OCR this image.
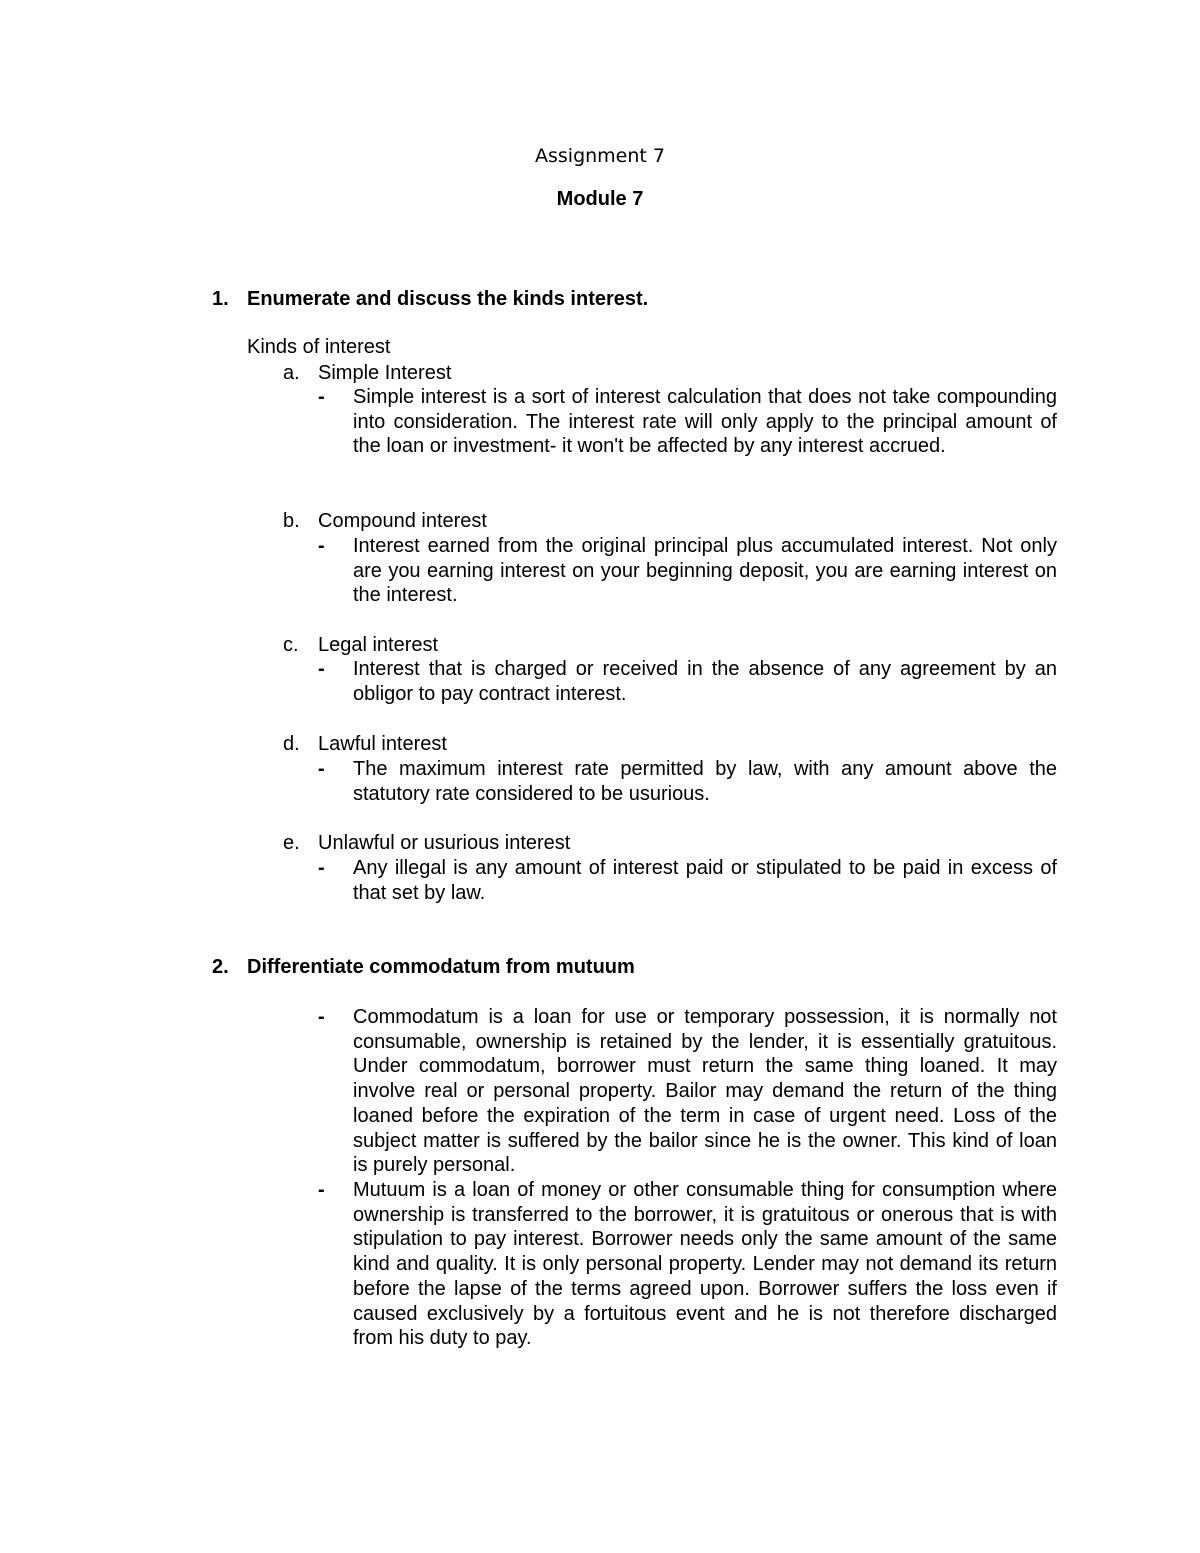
Assignment 7
Module 7
1. Enumerate and discuss the kinds interest.
Kinds of interest
a. Simple Interest
- Simple interest is a sort of interest calculation that does not take compounding into consideration. The interest rate will only apply to the principal amount of the loan or investment- it won't be affected by any interest accrued.
b. Compound interest
- Interest earned from the original principal plus accumulated interest. Not only are you earning interest on your beginning deposit, you are earning interest on the interest.
c. Legal interest
- Interest that is charged or received in the absence of any agreement by an obligor to pay contract interest.
d. Lawful interest
- The maximum interest rate permitted by law, with any amount above the statutory rate considered to be usurious.
e. Unlawful or usurious interest
- Any illegal is any amount of interest paid or stipulated to be paid in excess of that set by law.
2. Differentiate commodatum from mutuum
- Commodatum is a loan for use or temporary possession, it is normally not consumable, ownership is retained by the lender, it is essentially gratuitous. Under commodatum, borrower must return the same thing loaned. It may involve real or personal property. Bailor may demand the return of the thing loaned before the expiration of the term in case of urgent need. Loss of the subject matter is suffered by the bailor since he is the owner. This kind of loan is purely personal.
- Mutuum is a loan of money or other consumable thing for consumption where ownership is transferred to the borrower, it is gratuitous or onerous that is with stipulation to pay interest. Borrower needs only the same amount of the same kind and quality. It is only personal property. Lender may not demand its return before the lapse of the terms agreed upon. Borrower suffers the loss even if caused exclusively by a fortuitous event and he is not therefore discharged from his duty to pay.
